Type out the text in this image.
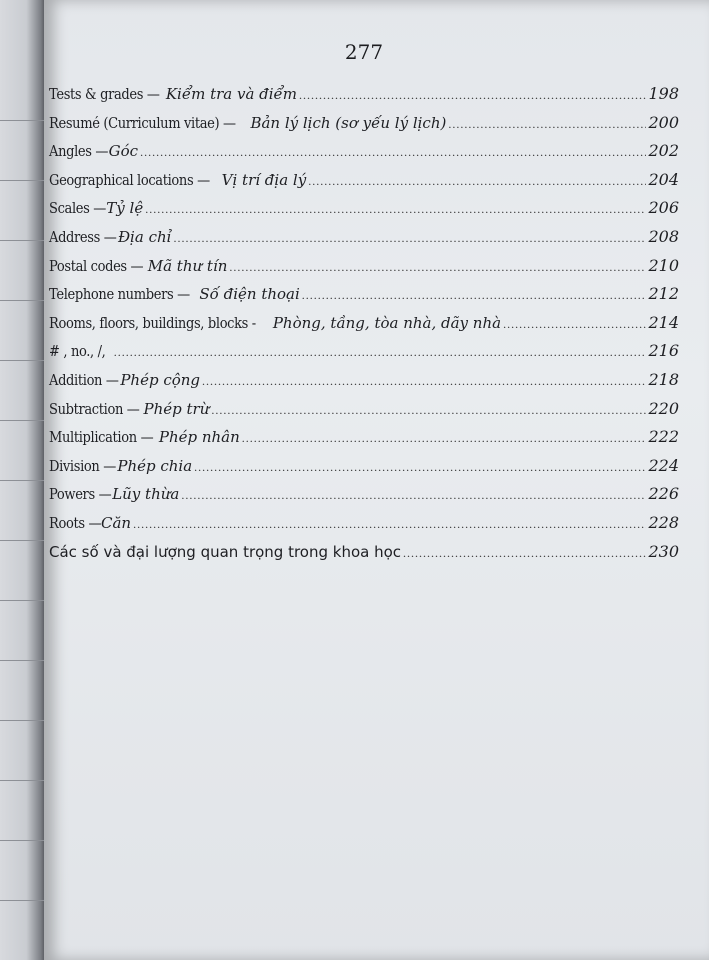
277
Tests & grades — Kiểm tra và điểm .....	198
Resumé (Curriculum vitae) — Bản lý lịch (sơ yếu lý lịch) .....	200
Angles — Góc .....	202
Geographical locations — Vị trí địa lý .....	204
Scales — Tỷ lệ .....	206
Address — Địa chỉ .....	208
Postal codes — Mã thư tín .....	210
Telephone numbers — Số điện thoại .....	212
Rooms, floors, buildings, blocks - Phòng, tầng, tòa nhà, dãy nhà .....	214
# , no., /, .....	216
Addition — Phép cộng .....	218
Subtraction — Phép trừ .....	220
Multiplication — Phép nhân .....	222
Division — Phép chia .....	224
Powers — Lũy thừa .....	226
Roots — Căn .....	228
Các số và đại lượng quan trọng trong khoa học .....	230
